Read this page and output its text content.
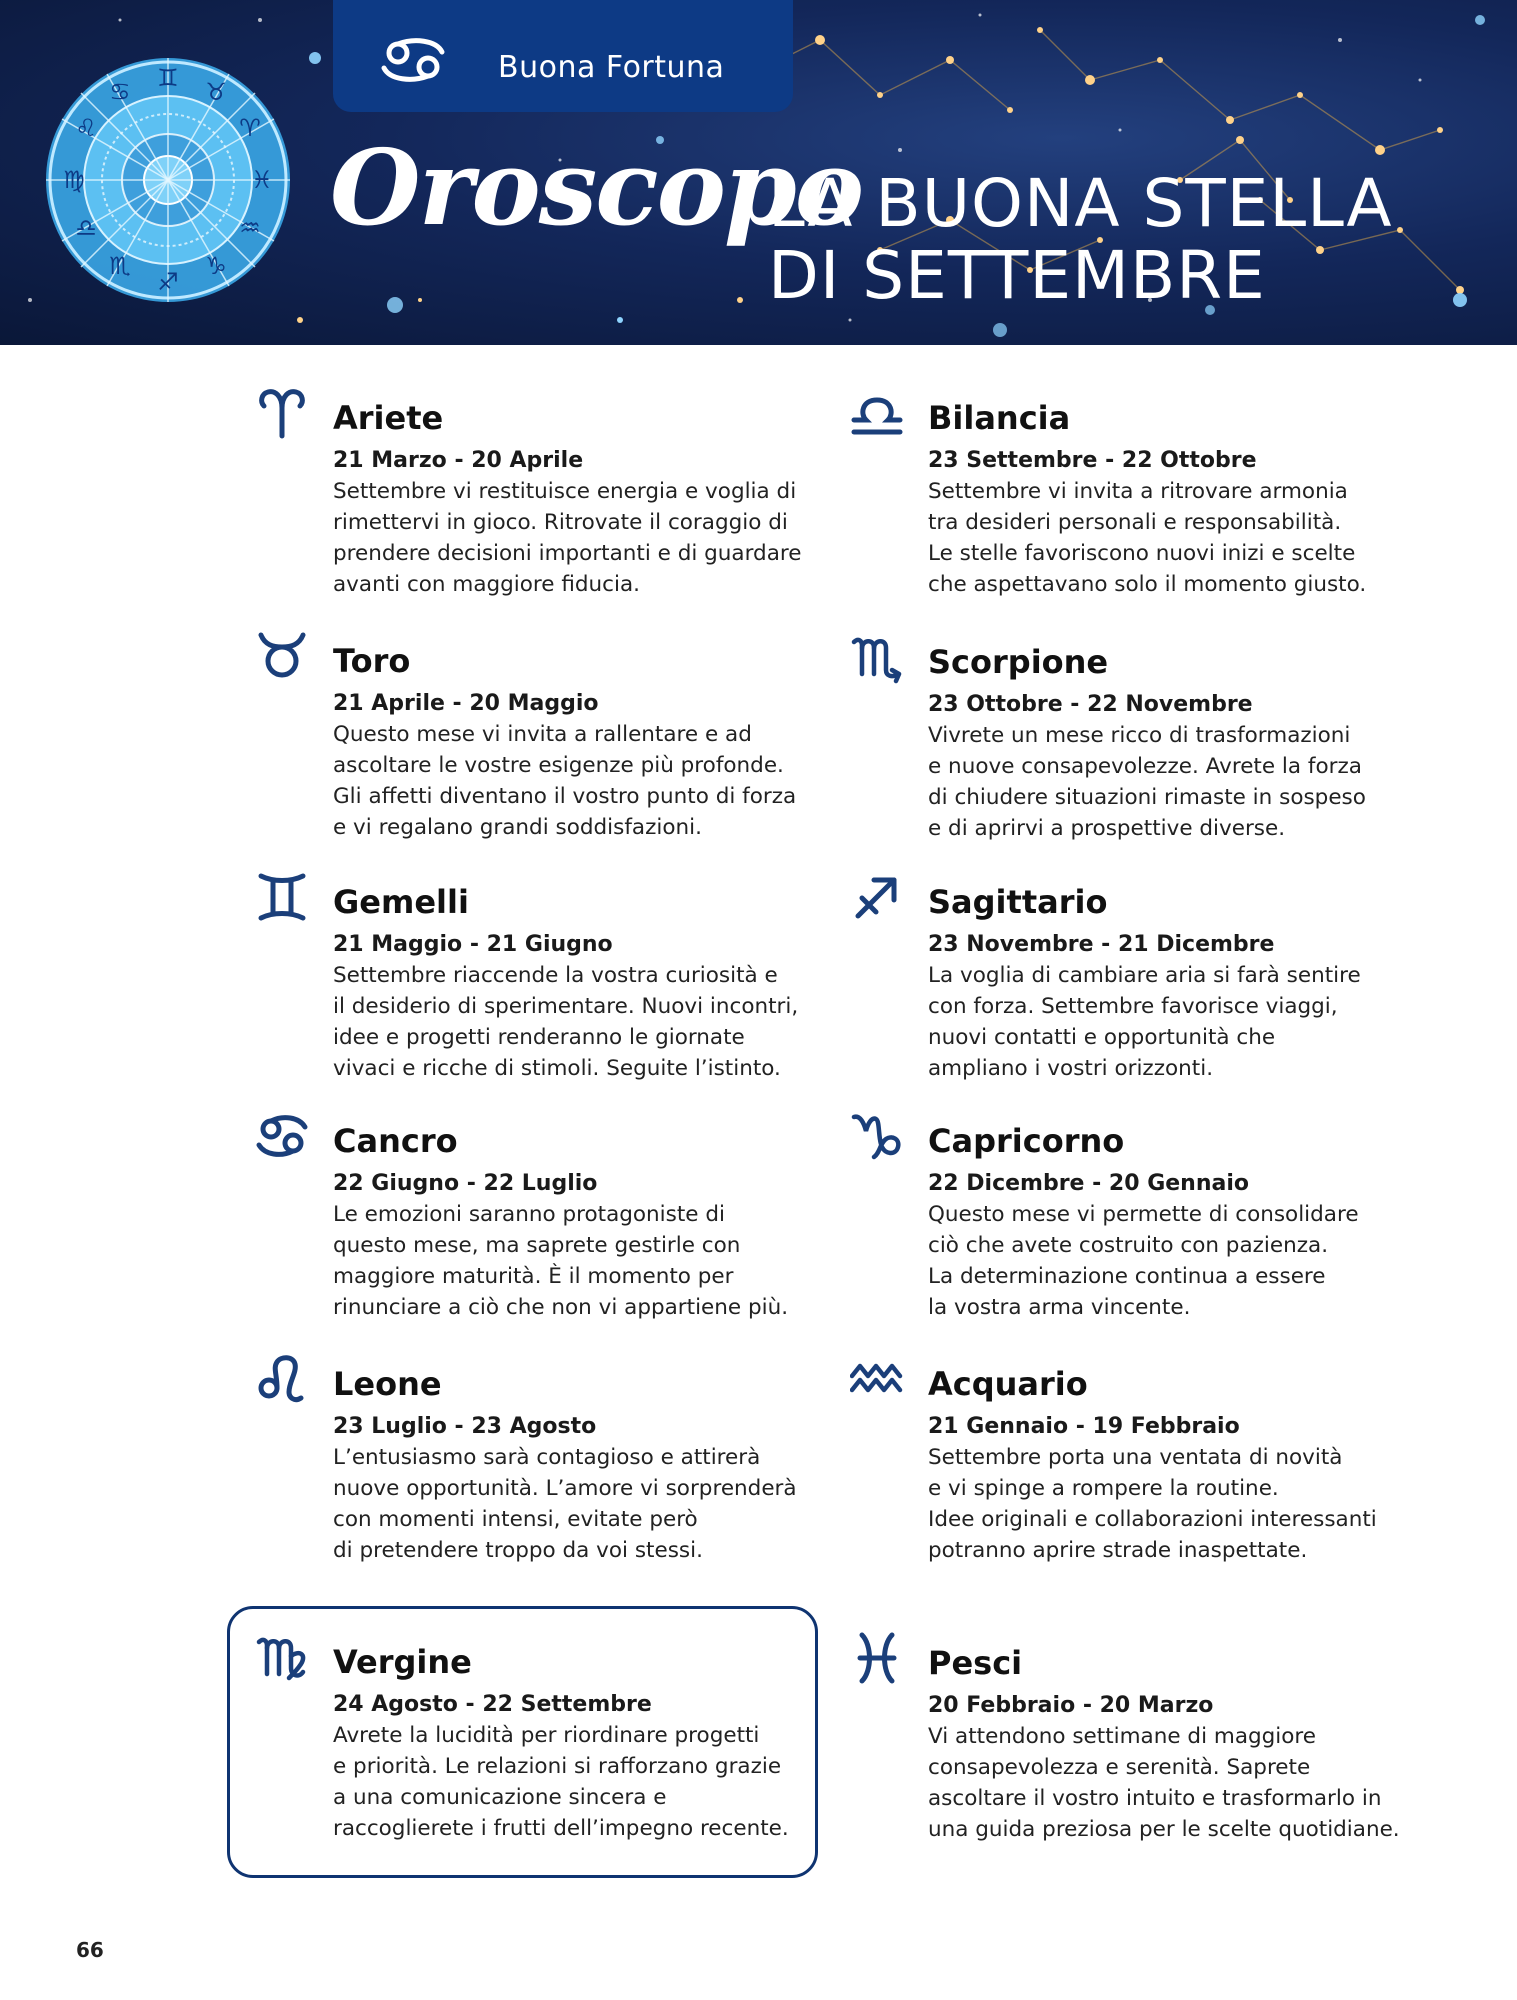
♊ ♉
♈
♓
♒
♑
♐
♏
♎
♍
♌
♋
Buona Fortuna
Oroscopo
LA BUONA STELLA
DI SETTEMBRE
Ariete
21 Marzo - 20 Aprile
Settembre vi restituisce energia e voglia di
rimettervi in gioco. Ritrovate il coraggio di
prendere decisioni importanti e di guardare
avanti con maggiore fiducia.
Toro
21 Aprile - 20 Maggio
Questo mese vi invita a rallentare e ad
ascoltare le vostre esigenze più profonde.
Gli affetti diventano il vostro punto di forza
e vi regalano grandi soddisfazioni.
Gemelli
21 Maggio - 21 Giugno
Settembre riaccende la vostra curiosità e
il desiderio di sperimentare. Nuovi incontri,
idee e progetti renderanno le giornate
vivaci e ricche di stimoli. Seguite l’istinto.
Cancro
22 Giugno - 22 Luglio
Le emozioni saranno protagoniste di
questo mese, ma saprete gestirle con
maggiore maturità. È il momento per
rinunciare a ciò che non vi appartiene più.
Leone
23 Luglio - 23 Agosto
L’entusiasmo sarà contagioso e attirerà
nuove opportunità. L’amore vi sorprenderà
con momenti intensi, evitate però
di pretendere troppo da voi stessi.
Vergine
24 Agosto - 22 Settembre
Avrete la lucidità per riordinare progetti
e priorità. Le relazioni si rafforzano grazie
a una comunicazione sincera e
raccoglierete i frutti dell’impegno recente.
Bilancia
23 Settembre - 22 Ottobre
Settembre vi invita a ritrovare armonia
tra desideri personali e responsabilità.
Le stelle favoriscono nuovi inizi e scelte
che aspettavano solo il momento giusto.
Scorpione
23 Ottobre - 22 Novembre
Vivrete un mese ricco di trasformazioni
e nuove consapevolezze. Avrete la forza
di chiudere situazioni rimaste in sospeso
e di aprirvi a prospettive diverse.
Sagittario
23 Novembre - 21 Dicembre
La voglia di cambiare aria si farà sentire
con forza. Settembre favorisce viaggi,
nuovi contatti e opportunità che
ampliano i vostri orizzonti.
Capricorno
22 Dicembre - 20 Gennaio
Questo mese vi permette di consolidare
ciò che avete costruito con pazienza.
La determinazione continua a essere
la vostra arma vincente.
Acquario
21 Gennaio - 19 Febbraio
Settembre porta una ventata di novità
e vi spinge a rompere la routine.
Idee originali e collaborazioni interessanti
potranno aprire strade inaspettate.
Pesci
20 Febbraio - 20 Marzo
Vi attendono settimane di maggiore
consapevolezza e serenità. Saprete
ascoltare il vostro intuito e trasformarlo in
una guida preziosa per le scelte quotidiane.
66
